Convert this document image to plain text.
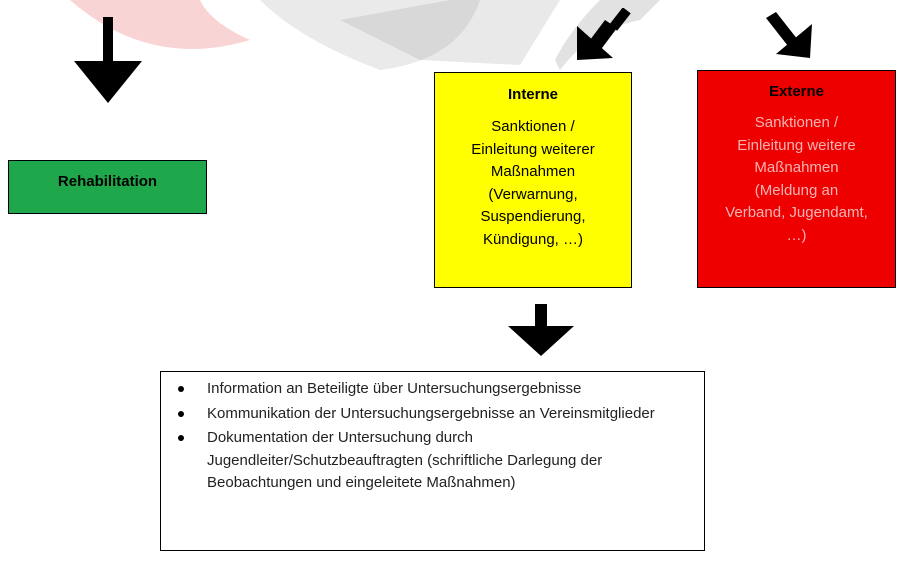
Rehabilitation
Interne
Sanktionen /
Einleitung weiterer
Maßnahmen
(Verwarnung,
Suspendierung,
Kündigung, …)
Externe
Sanktionen /
Einleitung weitere
Maßnahmen
(Meldung an
Verband, Jugendamt,
…)
Information an Beteiligte über Untersuchungsergebnisse
Kommunikation der Untersuchungsergebnisse an Vereinsmitglieder
Dokumentation der Untersuchung durch Jugendleiter/Schutzbeauftragten (schriftliche Darlegung der Beobachtungen und eingeleitete Maßnahmen)
